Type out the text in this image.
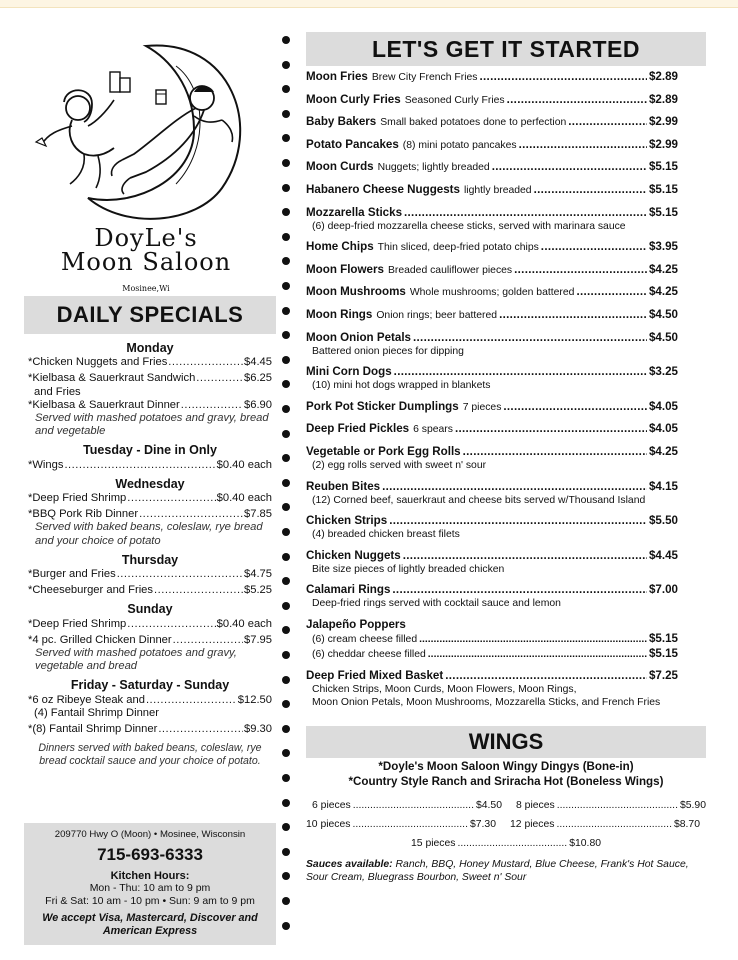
DoyLe's
Moon Saloon
Mosinee,Wi
DAILY SPECIALS
Monday
*Chicken Nuggets and Fries .....	$4.45
*Kielbasa & Sauerkraut Sandwich .....	$6.25
and Fries
*Kielbasa & Sauerkraut Dinner .....	$6.90
Served with mashed potatoes and gravy, bread and vegetable
Tuesday - Dine in Only
*Wings .....	$0.40 each
Wednesday
*Deep Fried Shrimp .....	$0.40 each
*BBQ Pork Rib Dinner .....	$7.85
Served with baked beans, coleslaw, rye bread and your choice of potato
Thursday
*Burger and Fries .....	$4.75
*Cheeseburger and Fries .....	$5.25
Sunday
*Deep Fried Shrimp .....	$0.40 each
*4 pc. Grilled Chicken Dinner .....	$7.95
Served with mashed potatoes and gravy, vegetable and bread
Friday - Saturday - Sunday
*6 oz Ribeye Steak and .....	$12.50
(4) Fantail Shrimp Dinner
*(8) Fantail Shrimp Dinner .....	$9.30
Dinners served with baked beans, coleslaw, rye bread cocktail sauce and your choice of potato.
209770 Hwy O (Moon) • Mosinee, Wisconsin
715-693-6333
Kitchen Hours:
Mon - Thu: 10 am to 9 pm
Fri & Sat: 10 am - 10 pm • Sun: 9 am to 9 pm
We accept Visa, Mastercard, Discover and American Express
LET'S GET IT STARTED
Moon Fries Brew City French Fries .....	$2.89
Moon Curly Fries Seasoned Curly Fries .....	$2.89
Baby Bakers Small baked potatoes done to perfection .....	$2.99
Potato Pancakes (8) mini potato pancakes .....	$2.99
Moon Curds Nuggets; lightly breaded .....	$5.15
Habanero Cheese Nuggests lightly breaded .....	$5.15
Mozzarella Sticks .....	$5.15
(6) deep-fried mozzarella cheese sticks, served with marinara sauce
Home Chips Thin sliced, deep-fried potato chips .....	$3.95
Moon Flowers Breaded cauliflower pieces .....	$4.25
Moon Mushrooms Whole mushrooms; golden battered .....	$4.25
Moon Rings Onion rings; beer battered .....	$4.50
Moon Onion Petals .....	$4.50
Battered onion pieces for dipping
Mini Corn Dogs .....	$3.25
(10) mini hot dogs wrapped in blankets
Pork Pot Sticker Dumplings 7 pieces .....	$4.05
Deep Fried Pickles 6 spears .....	$4.05
Vegetable or Pork Egg Rolls .....	$4.25
(2) egg rolls served with sweet n' sour
Reuben Bites .....	$4.15
(12) Corned beef, sauerkraut and cheese bits served w/Thousand Island
Chicken Strips .....	$5.50
(4) breaded chicken breast filets
Chicken Nuggets .....	$4.45
Bite size pieces of lightly breaded chicken
Calamari Rings .....	$7.00
Deep-fried rings served with cocktail sauce and lemon
Jalapeño Poppers
(6) cream cheese filled .....	$5.15
(6) cheddar cheese filled .....	$5.15
Deep Fried Mixed Basket .....	$7.25
Chicken Strips, Moon Curds, Moon Flowers, Moon Rings,
Moon Onion Petals, Moon Mushrooms, Mozzarella Sticks, and French Fries
WINGS
*Doyle's Moon Saloon Wingy Dingys (Bone-in)
*Country Style Ranch and Sriracha Hot (Boneless Wings)
6 pieces .....	$4.50 8 pieces .....	$5.90
10 pieces .....	$7.30 12 pieces .....	$8.70
15 pieces .....	$10.80
Sauces available: Ranch, BBQ, Honey Mustard, Blue Cheese, Frank's Hot Sauce, Sour Cream, Bluegrass Bourbon, Sweet n' Sour
